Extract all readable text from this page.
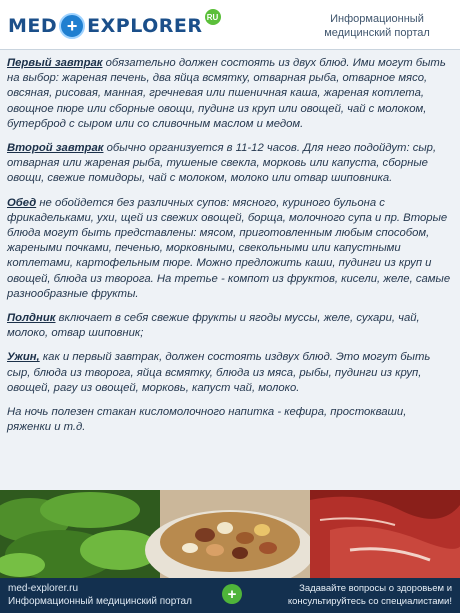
MED + EXPLORER RU	Информационный медицинский портал

Первый завтрак обязательно должен состоять из двух блюд. Ими могут быть на выбор: жареная печень, два яйца всмятку, отварная рыба, отварное мясо, овсяная, рисовая, манная, гречневая или пшеничная каша, жареная котлета, овощное пюре или сборные овощи, пудинг из круп или овощей, чай с молоком, бутерброд с сыром или со сливочным маслом и медом.

Второй завтрак обычно организуется в 11-12 часов. Для него подойдут: сыр, отварная или жареная рыба, тушеные свекла, морковь или капуста, сборные овощи, свежие помидоры, чай с молоком, молоко или отвар шиповника.

Обед не обойдется без различных супов: мясного, куриного бульона с фрикадельками, ухи, щей из свежих овощей, борща, молочного супа и пр. Вторые блюда могут быть представлены: мясом, приготовленным любым способом, жареными почками, печенью, морковными, свекольными или капустными котлетами, картофельным пюре. Можно предложить каши, пудинги из круп и овощей, блюда из творога. На третье - компот из фруктов, кисели, желе, самые разнообразные фрукты.

Полдник включает в себя свежие фрукты и ягоды муссы, желе, сухари, чай, молоко, отвар шиповник;

Ужин, как и первый завтрак, должен состоять издвух блюд. Это могут быть сыр, блюда из творога, яйца всмятку, блюда из мяса, рыбы, пудинги из круп, овощей, рагу из овощей, морковь, капуст чай, молоко.

На ночь полезен стакан кисломолочного напитка - кефира, простокваши, ряженки и т.д.

med-explorer.ru
Информационный медицинский портал	+	Задавайте вопросы о здоровьем и консультируйтесь со специалистами!
